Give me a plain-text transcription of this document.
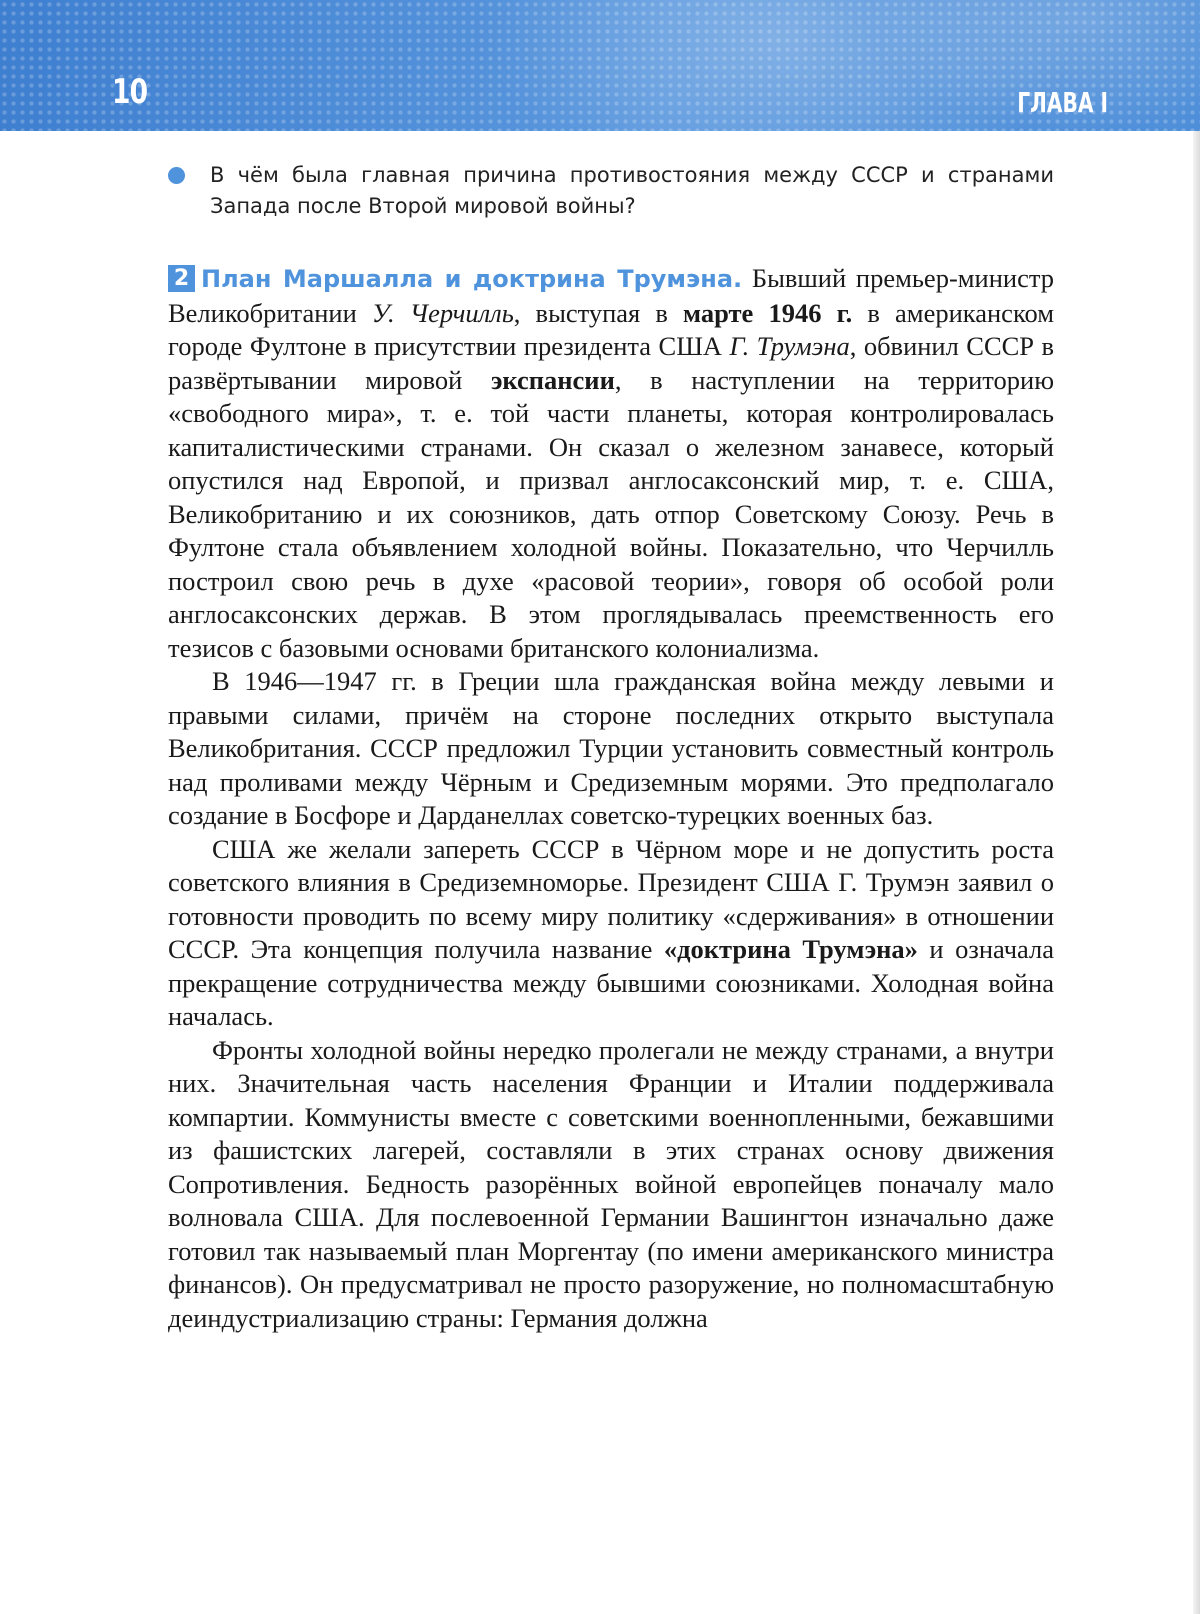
10	ГЛАВА I
В чём была главная причина противостояния между СССР и странами Запада после Второй мировой войны?

2 План Маршалла и доктрина Трумэна. Бывший премьер-министр Великобритании У. Черчилль, выступая в марте 1946 г. в американском городе Фултоне в присутствии президента США Г. Трумэна, обвинил СССР в развёртывании мировой экспансии, в наступлении на территорию «свободного мира», т. е. той части планеты, которая контролировалась капиталистическими странами. Он сказал о железном занавесе, который опустился над Европой, и призвал англосаксонский мир, т. е. США, Великобританию и их союзников, дать отпор Советскому Союзу. Речь в Фултоне стала объявлением холодной войны. Показательно, что Черчилль построил свою речь в духе «расовой теории», говоря об особой роли англосаксонских держав. В этом проглядывалась преемственность его тезисов с базовыми основами британского колониализма.

В 1946—1947 гг. в Греции шла гражданская война между левыми и правыми силами, причём на стороне последних открыто выступала Великобритания. СССР предложил Турции установить совместный контроль над проливами между Чёрным и Средиземным морями. Это предполагало создание в Босфоре и Дарданеллах советско-турецких военных баз.

США же желали запереть СССР в Чёрном море и не допустить роста советского влияния в Средиземноморье. Президент США Г. Трумэн заявил о готовности проводить по всему миру политику «сдерживания» в отношении СССР. Эта концепция получила название «доктрина Трумэна» и означала прекращение сотрудничества между бывшими союзниками. Холодная война началась.

Фронты холодной войны нередко пролегали не между странами, а внутри них. Значительная часть населения Франции и Италии поддерживала компартии. Коммунисты вместе с советскими военнопленными, бежавшими из фашистских лагерей, составляли в этих странах основу движения Сопротивления. Бедность разорённых войной европейцев поначалу мало волновала США. Для послевоенной Германии Вашингтон изначально даже готовил так называемый план Моргентау (по имени американского министра финансов). Он предусматривал не просто разоружение, но полномасштабную деиндустриализацию страны: Германия должна
